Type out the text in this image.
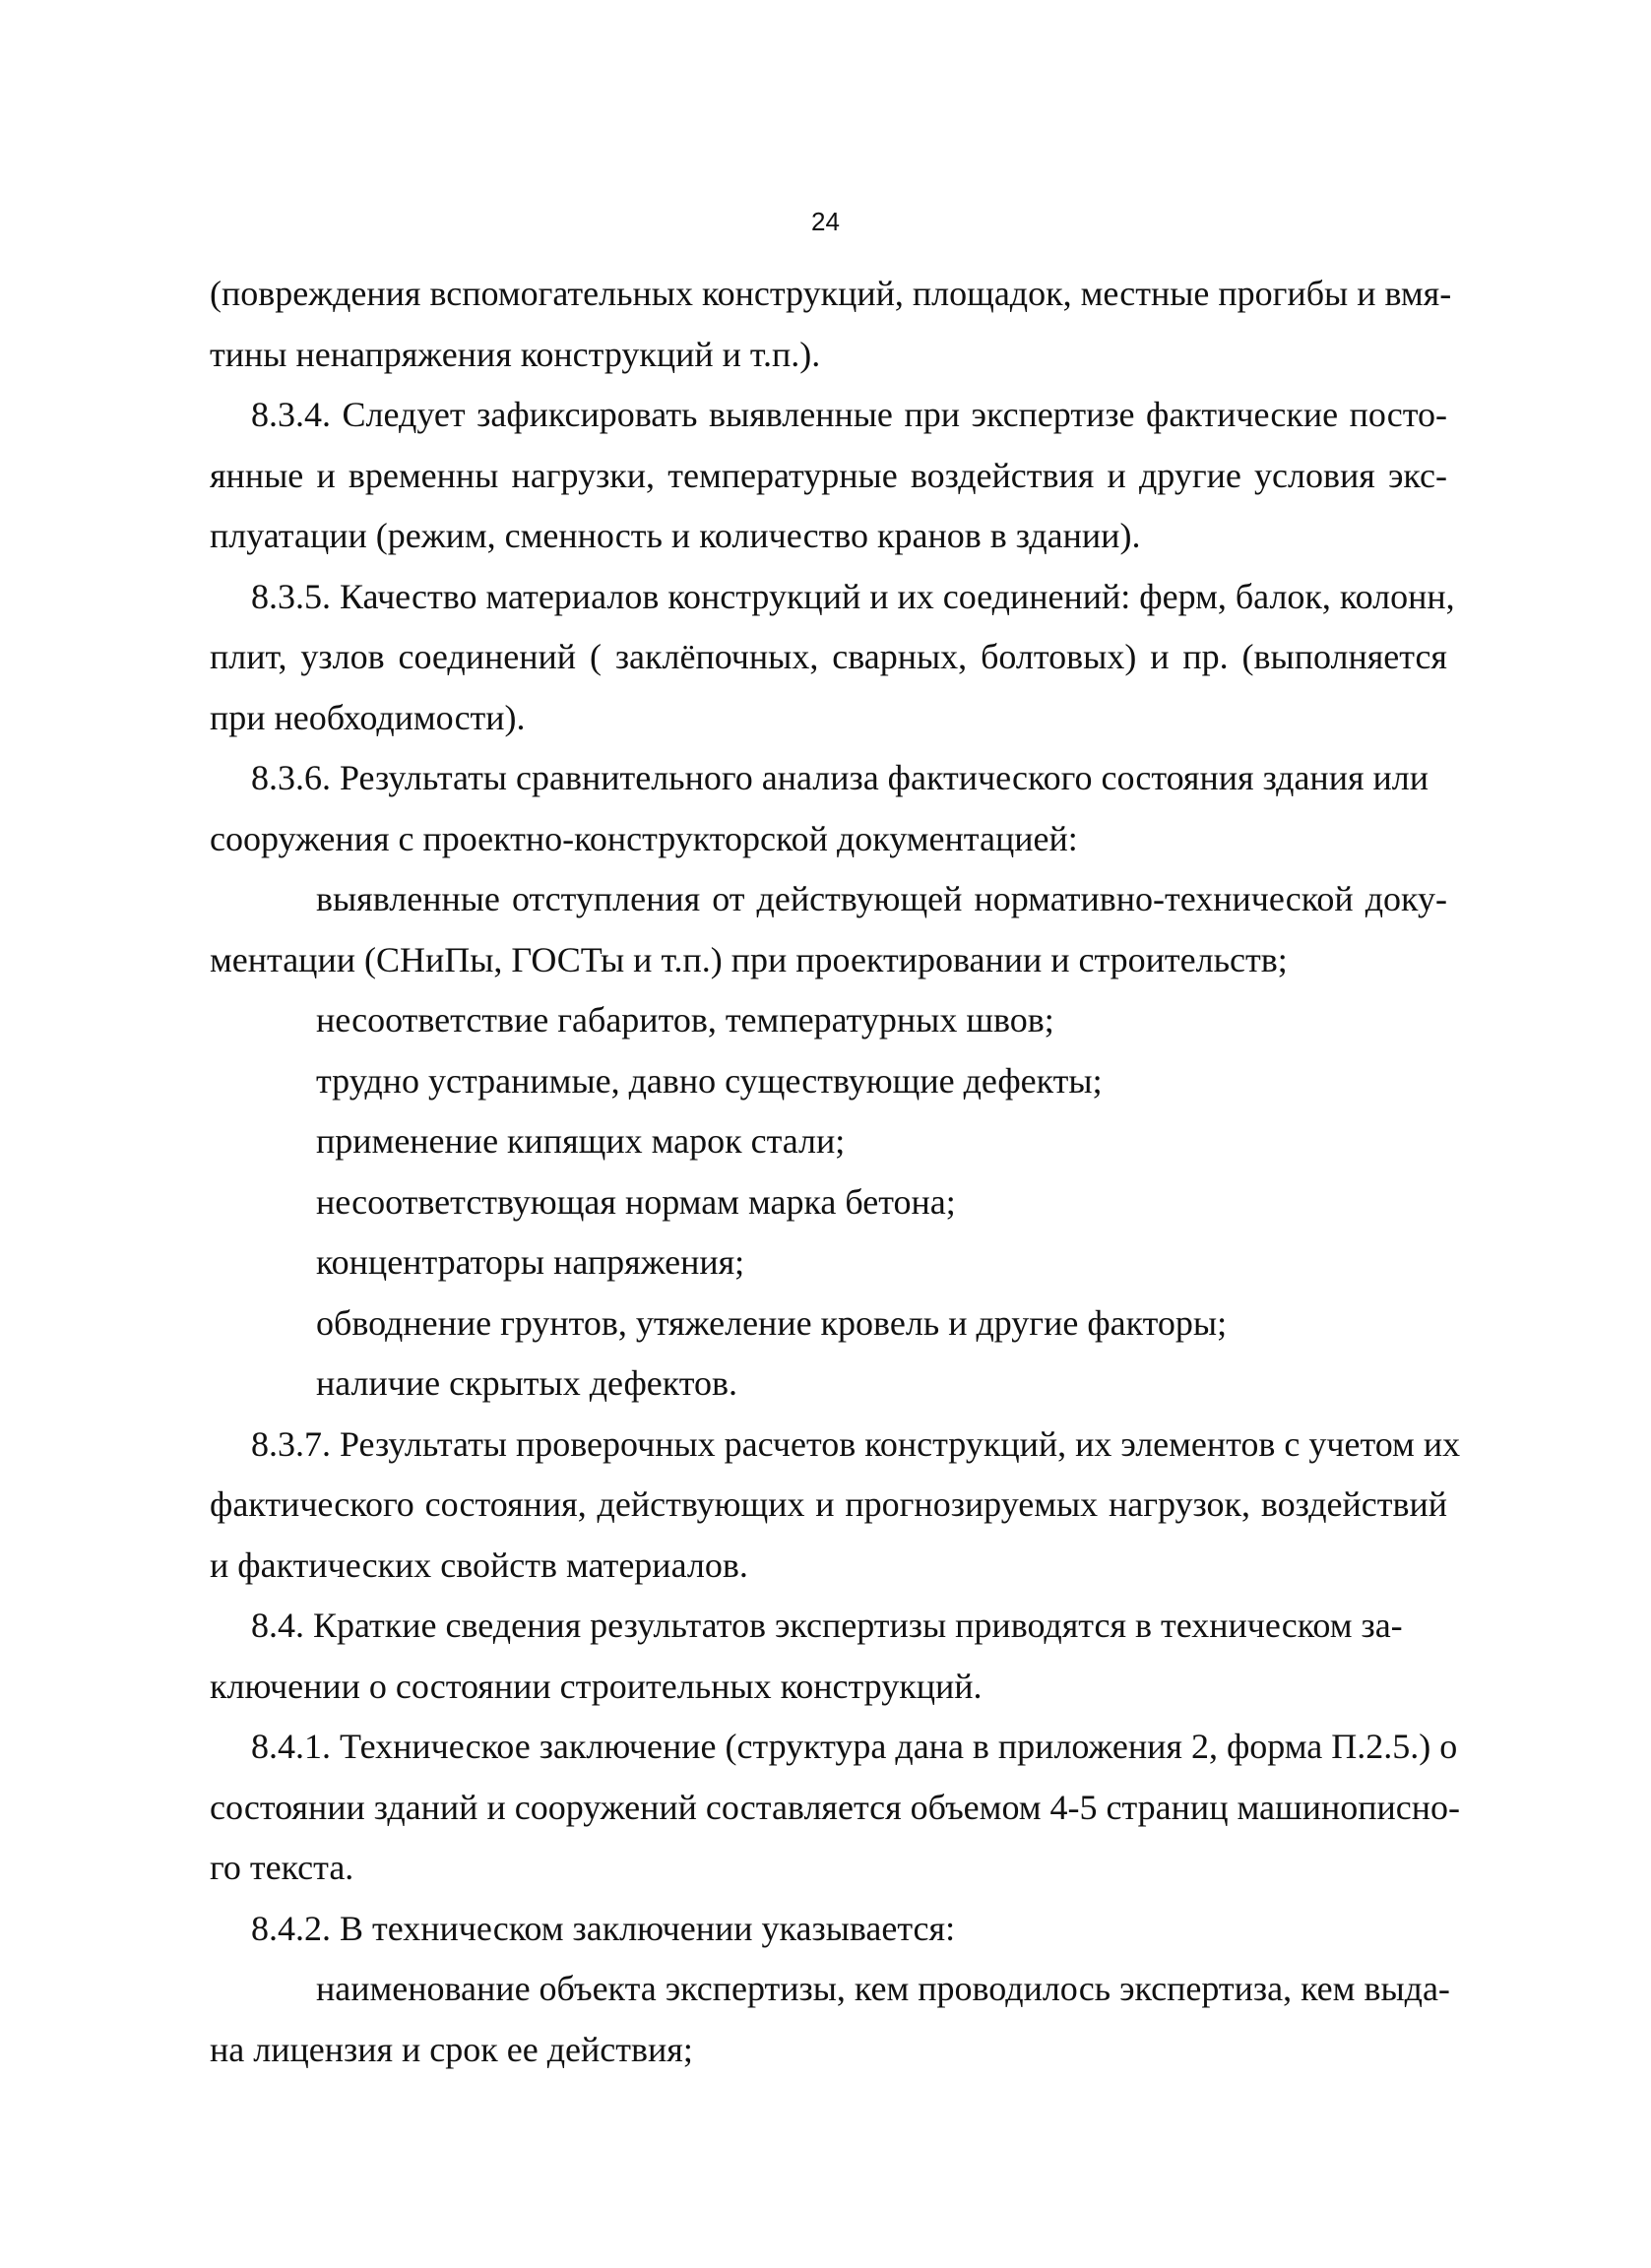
24
(повреждения вспомогательных конструкций, площадок, местные прогибы и вмя-
тины ненапряжения конструкций и т.п.).
8.3.4. Следует зафиксировать выявленные при экспертизе фактические посто-
янные и временны нагрузки, температурные воздействия и другие условия экс-
плуатации (режим, сменность и количество кранов в здании).
8.3.5. Качество материалов конструкций и их соединений: ферм, балок, колонн,
плит, узлов соединений ( заклёпочных, сварных, болтовых) и пр. (выполняется
при необходимости).
8.3.6. Результаты сравнительного анализа фактического состояния здания или
сооружения с проектно-конструкторской документацией:
выявленные отступления от действующей нормативно-технической доку-
ментации (СНиПы, ГОСТы и т.п.) при проектировании и строительств;
несоответствие габаритов, температурных швов;
трудно устранимые, давно существующие дефекты;
применение кипящих марок стали;
несоответствующая нормам марка бетона;
концентраторы напряжения;
обводнение грунтов, утяжеление кровель и другие факторы;
наличие скрытых дефектов.
8.3.7. Результаты проверочных расчетов конструкций, их элементов с учетом их
фактического состояния, действующих и прогнозируемых нагрузок, воздействий
и фактических свойств материалов.
8.4. Краткие сведения результатов экспертизы приводятся в техническом за-
ключении о состоянии строительных конструкций.
8.4.1. Техническое заключение (структура дана в приложения 2, форма П.2.5.) о
состоянии зданий и сооружений составляется объемом 4-5 страниц машинописно-
го текста.
8.4.2. В техническом заключении указывается:
наименование объекта экспертизы, кем проводилось экспертиза, кем выда-
на лицензия и срок ее действия;
